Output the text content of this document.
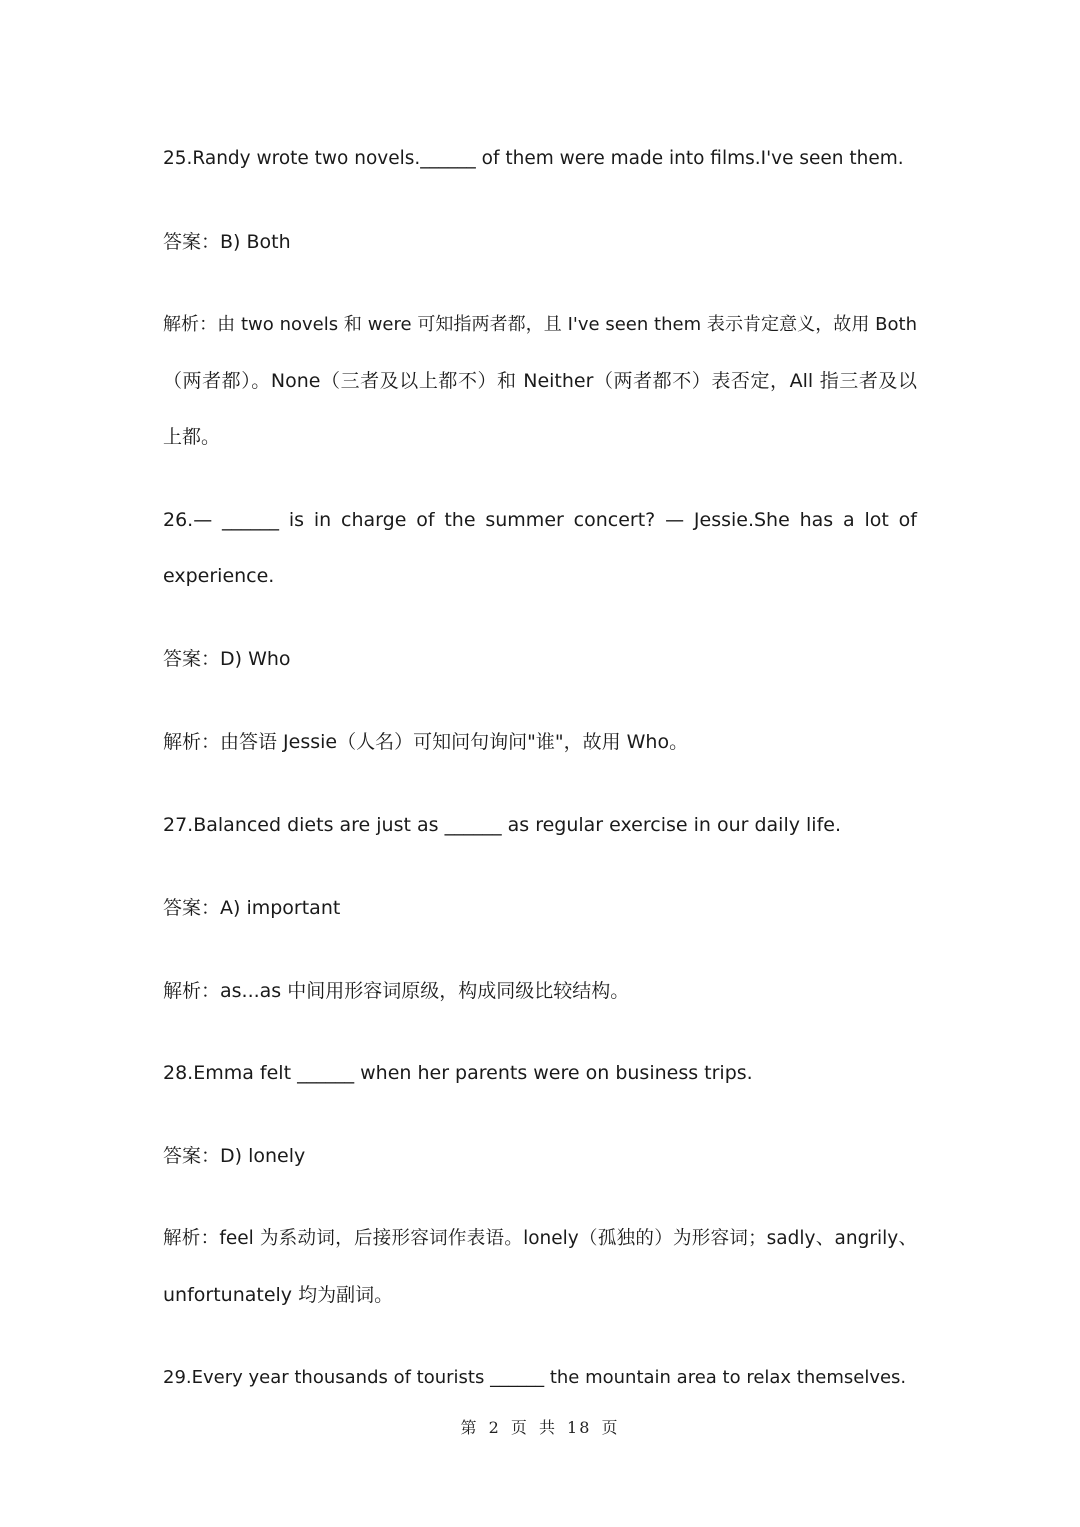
25.Randy wrote two novels.______ of them were made into films.I've seen them.
答案：B) Both
解析：由 two novels 和 were 可知指两者都，且 I've seen them 表示肯定意义，故用 Both
（两者都）。None（三者及以上都不）和 Neither（两者都不）表否定，All 指三者及以
上都。
26.— ______ is in charge of the summer concert? — Jessie.She has a lot of
experience.
答案：D) Who
解析：由答语 Jessie（人名）可知问句询问"谁"，故用 Who。
27.Balanced diets are just as ______ as regular exercise in our daily life.
答案：A) important
解析：as...as 中间用形容词原级，构成同级比较结构。
28.Emma felt ______ when her parents were on business trips.
答案：D) lonely
解析：feel 为系动词，后接形容词作表语。lonely（孤独的）为形容词；sadly、angrily、
unfortunately 均为副词。
29.Every year thousands of tourists ______ the mountain area to relax themselves.
第 2 页 共 18 页
